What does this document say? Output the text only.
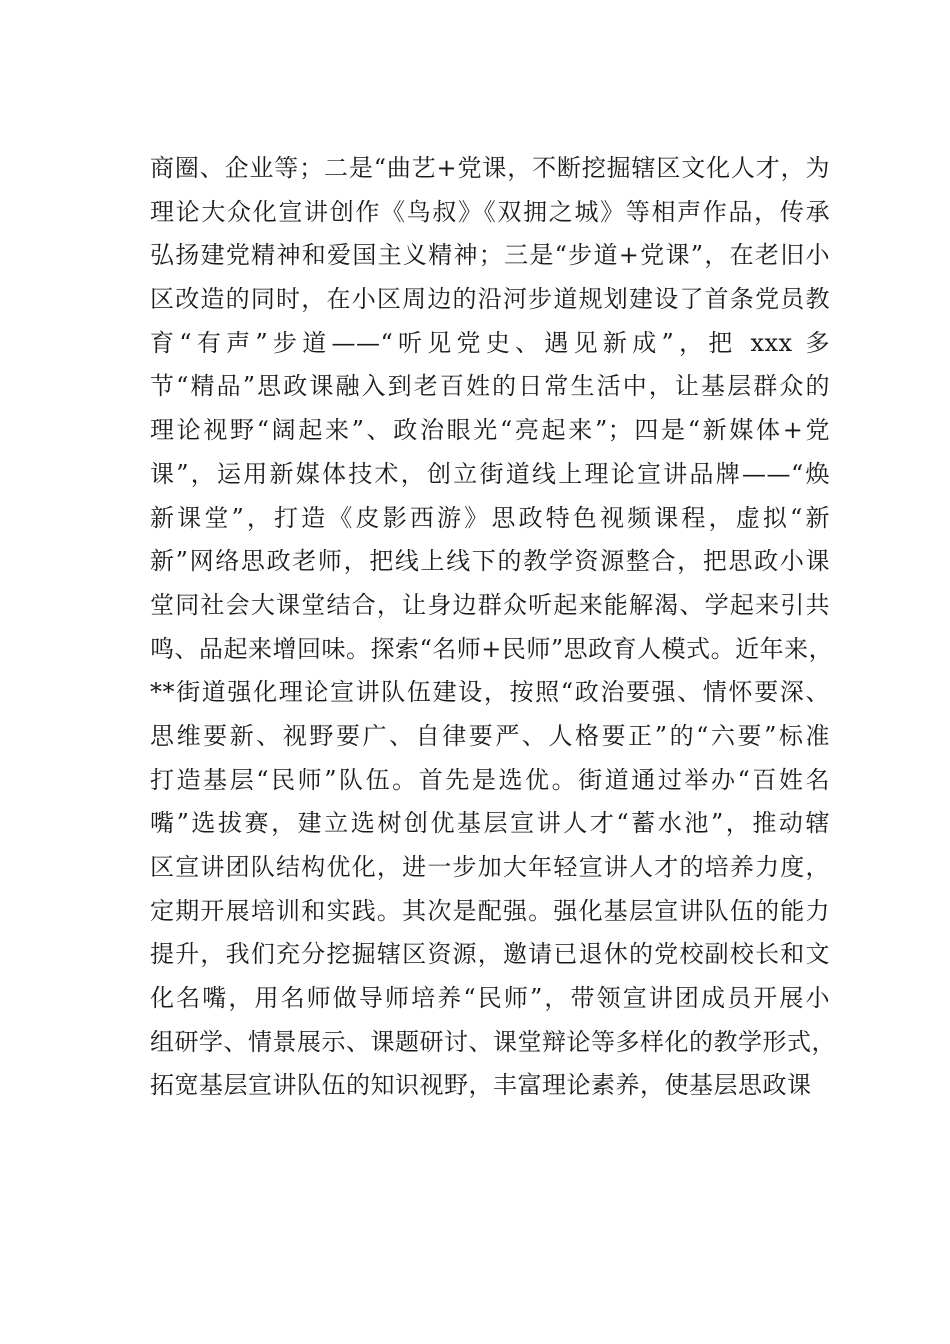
商圈、企业等；二是“曲艺+党课，不断挖掘辖区文化人才，为
理论大众化宣讲创作《鸟叔》《双拥之城》等相声作品，传承
弘扬建党精神和爱国主义精神；三是“步道+党课”，在老旧小
区改造的同时，在小区周边的沿河步道规划建设了首条党员教
育“有声”步道——“听见党史、遇见新成”，把 xxx 多
节“精品”思政课融入到老百姓的日常生活中，让基层群众的
理论视野“阔起来”、政治眼光“亮起来”；四是“新媒体+党
课”，运用新媒体技术，创立街道线上理论宣讲品牌——“焕
新课堂”，打造《皮影西游》思政特色视频课程，虚拟“新
新”网络思政老师，把线上线下的教学资源整合，把思政小课
堂同社会大课堂结合，让身边群众听起来能解渴、学起来引共
鸣、品起来增回味。探索“名师+民师”思政育人模式。近年来，
**街道强化理论宣讲队伍建设，按照“政治要强、情怀要深、
思维要新、视野要广、自律要严、人格要正”的“六要”标准
打造基层“民师”队伍。首先是选优。街道通过举办“百姓名
嘴”选拔赛，建立选树创优基层宣讲人才“蓄水池”，推动辖
区宣讲团队结构优化，进一步加大年轻宣讲人才的培养力度，
定期开展培训和实践。其次是配强。强化基层宣讲队伍的能力
提升，我们充分挖掘辖区资源，邀请已退休的党校副校长和文
化名嘴，用名师做导师培养“民师”，带领宣讲团成员开展小
组研学、情景展示、课题研讨、课堂辩论等多样化的教学形式，
拓宽基层宣讲队伍的知识视野，丰富理论素养，使基层思政课
